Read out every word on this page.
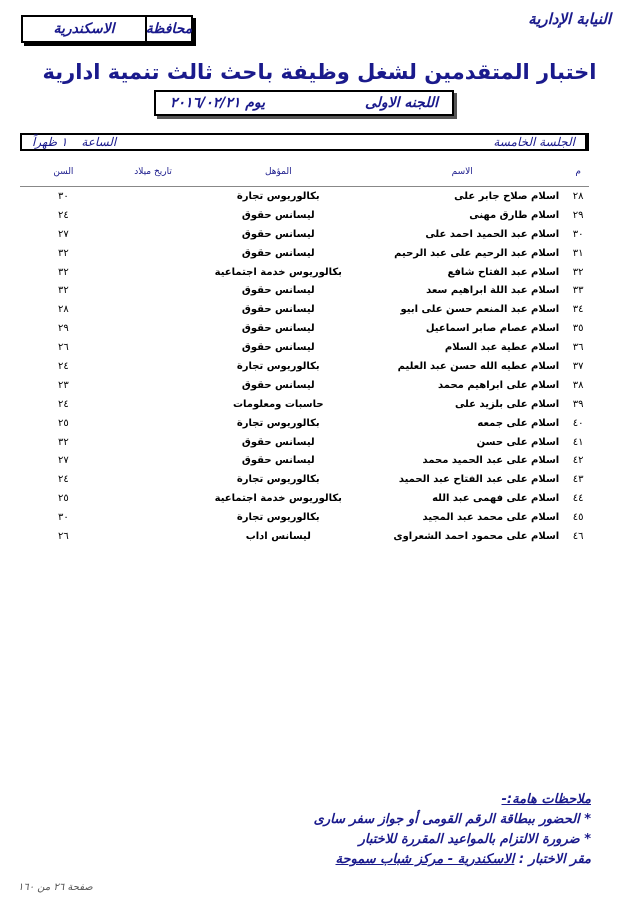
النيابة الإدارية
محافظة
الاسكندرية
اختبار المتقدمين لشغل وظيفة باحث ثالث تنمية ادارية
اللجنه الاولى
يوم ٢٠١٦/٠٢/٢١
الجلسة الخامسة
الساعة
١ ظهراً
م	الاسم	المؤهل	تاريخ ميلاد	السن
٢٨	اسلام صلاح جابر على	بكالوريوس تجارة		٣٠
٢٩	اسلام طارق مهنى	ليسانس حقوق		٢٤
٣٠	اسلام عبد الحميد احمد على	ليسانس حقوق		٢٧
٣١	اسلام عبد الرحيم على عبد الرحيم	ليسانس حقوق		٣٢
٣٢	اسلام عبد الفتاح شافع	بكالوريوس خدمة اجتماعية		٣٢
٣٣	اسلام عبد اللة ابراهيم سعد	ليسانس حقوق		٣٢
٣٤	اسلام عبد المنعم حسن على ابيو	ليسانس حقوق		٢٨
٣٥	اسلام عصام صابر اسماعيل	ليسانس حقوق		٢٩
٣٦	اسلام عطية عبد السلام	ليسانس حقوق		٢٦
٣٧	اسلام عطيه الله حسن عبد العليم	بكالوريوس تجارة		٢٤
٣٨	اسلام على ابراهيم محمد	ليسانس حقوق		٢٣
٣٩	اسلام على بلزيد على	حاسبات ومعلومات		٢٤
٤٠	اسلام على جمعه	بكالوريوس تجارة		٢٥
٤١	اسلام على حسن	ليسانس حقوق		٣٢
٤٢	اسلام على عبد الحميد محمد	ليسانس حقوق		٢٧
٤٣	اسلام على عبد الفتاح عبد الحميد	بكالوريوس تجارة		٢٤
٤٤	اسلام على فهمى عبد الله	بكالوريوس خدمة اجتماعية		٢٥
٤٥	اسلام على محمد عبد المجيد	بكالوريوس تجارة		٣٠
٤٦	اسلام على محمود احمد الشعراوى	ليسانس اداب		٢٦
ملاحظات هامة:-
* الحضور ببطاقة الرقم القومى أو جواز سفر سارى
* ضرورة الالتزام بالمواعيد المقررة للاختبار
مقر الاختبار : الاسكندرية - مركز شباب سموحة
صفحة ٢٦ من ١٦٠
